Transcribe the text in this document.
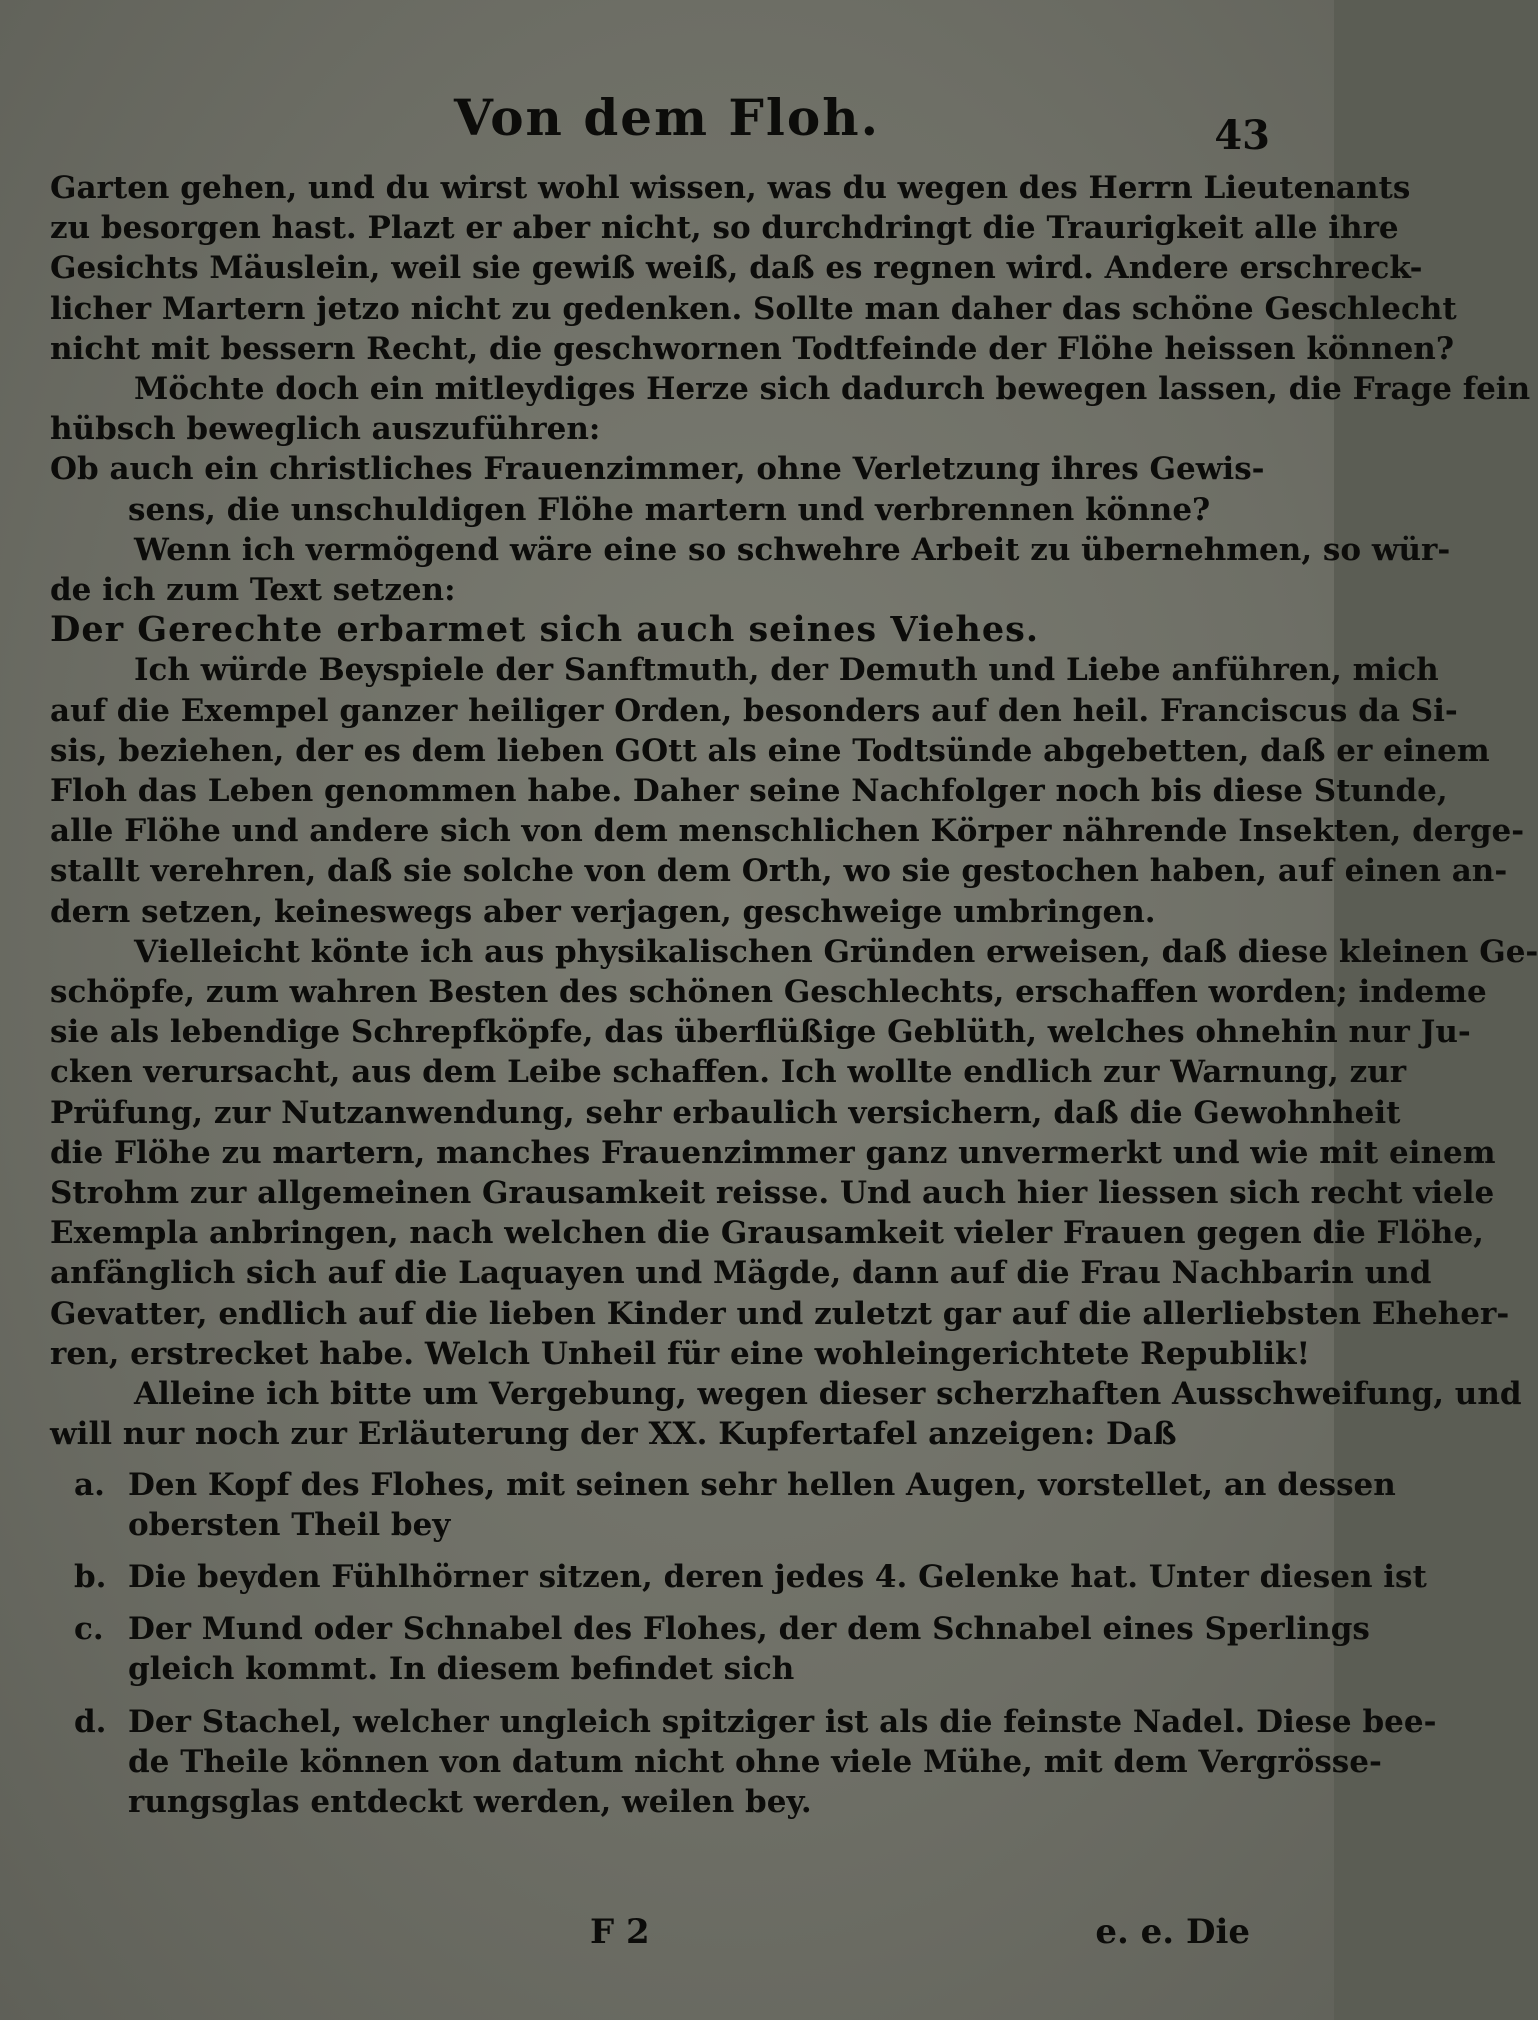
Von dem Floh.	43

Garten gehen, und du wirst wohl wissen, was du wegen des Herrn Lieutenants
zu besorgen hast. Plazt er aber nicht, so durchdringt die Traurigkeit alle ihre
Gesichts Mäuslein, weil sie gewiß weiß, daß es regnen wird. Andere erschreck-
licher Martern jetzo nicht zu gedenken. Sollte man daher das schöne Geschlecht
nicht mit bessern Recht, die geschwornen Todtfeinde der Flöhe heissen können?

Möchte doch ein mitleydiges Herze sich dadurch bewegen lassen, die Frage fein
hübsch beweglich auszuführen:

Ob auch ein christliches Frauenzimmer, ohne Verletzung ihres Gewis-
sens, die unschuldigen Flöhe martern und verbrennen könne?

Wenn ich vermögend wäre eine so schwehre Arbeit zu übernehmen, so wür-
de ich zum Text setzen:

Der Gerechte erbarmet sich auch seines Viehes.

Ich würde Beyspiele der Sanftmuth, der Demuth und Liebe anführen, mich
auf die Exempel ganzer heiliger Orden, besonders auf den heil. Franciscus da Si-
sis, beziehen, der es dem lieben GOtt als eine Todtsünde abgebetten, daß er einem
Floh das Leben genommen habe. Daher seine Nachfolger noch bis diese Stunde,
alle Flöhe und andere sich von dem menschlichen Körper nährende Insekten, derge-
stallt verehren, daß sie solche von dem Orth, wo sie gestochen haben, auf einen an-
dern setzen, keineswegs aber verjagen, geschweige umbringen.

Vielleicht könte ich aus physikalischen Gründen erweisen, daß diese kleinen Ge-
schöpfe, zum wahren Besten des schönen Geschlechts, erschaffen worden; indeme
sie als lebendige Schrepfköpfe, das überflüßige Geblüth, welches ohnehin nur Ju-
cken verursacht, aus dem Leibe schaffen. Ich wollte endlich zur Warnung, zur
Prüfung, zur Nutzanwendung, sehr erbaulich versichern, daß die Gewohnheit
die Flöhe zu martern, manches Frauenzimmer ganz unvermerkt und wie mit einem
Strohm zur allgemeinen Grausamkeit reisse. Und auch hier liessen sich recht viele
Exempla anbringen, nach welchen die Grausamkeit vieler Frauen gegen die Flöhe,
anfänglich sich auf die Laquayen und Mägde, dann auf die Frau Nachbarin und
Gevatter, endlich auf die lieben Kinder und zuletzt gar auf die allerliebsten Eheher-
ren, erstrecket habe. Welch Unheil für eine wohleingerichtete Republik!

Alleine ich bitte um Vergebung, wegen dieser scherzhaften Ausschweifung, und
will nur noch zur Erläuterung der XX. Kupfertafel anzeigen: Daß

a. Den Kopf des Flohes, mit seinen sehr hellen Augen, vorstellet, an dessen
obersten Theil bey
b. Die beyden Fühlhörner sitzen, deren jedes 4. Gelenke hat. Unter diesen ist
c. Der Mund oder Schnabel des Flohes, der dem Schnabel eines Sperlings
gleich kommt. In diesem befindet sich
d. Der Stachel, welcher ungleich spitziger ist als die feinste Nadel. Diese bee-
de Theile können von datum nicht ohne viele Mühe, mit dem Vergrösse-
rungsglas entdeckt werden, weilen bey.
F 2	e. e. Die
